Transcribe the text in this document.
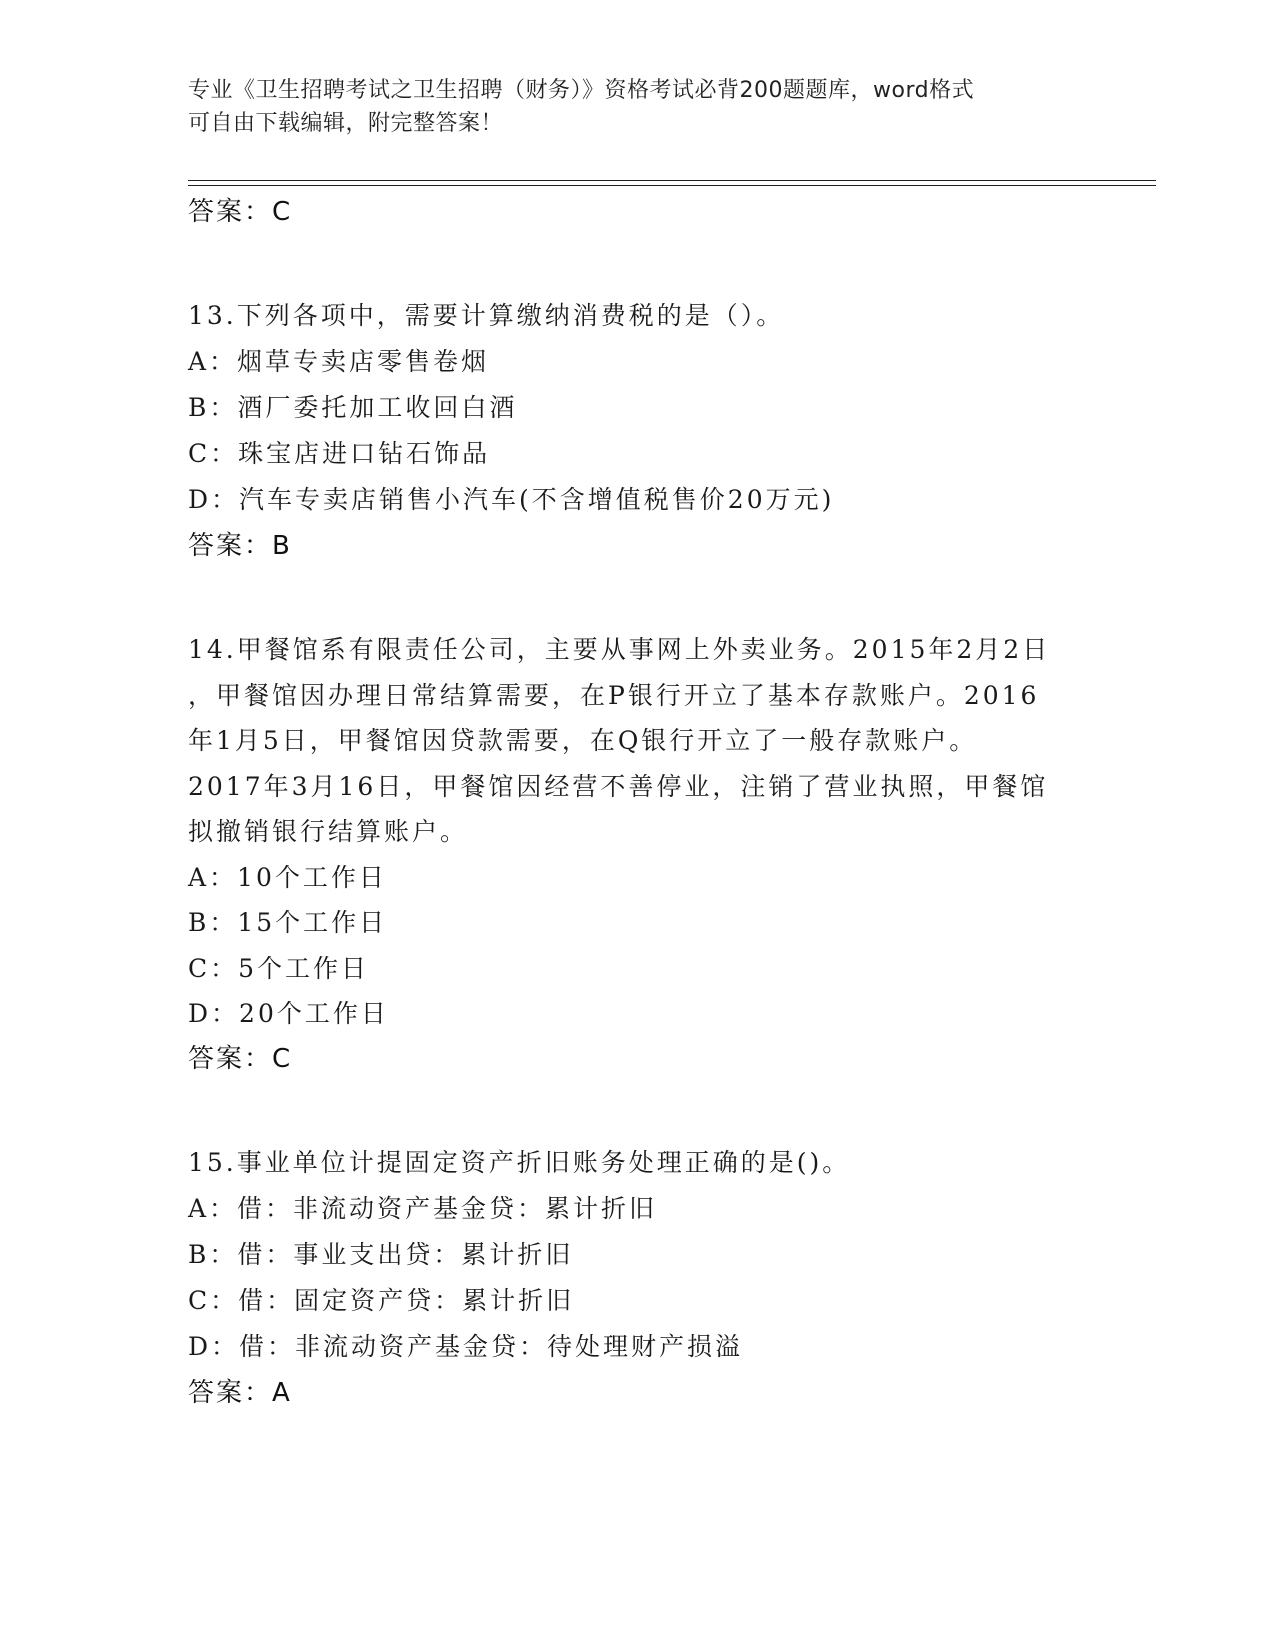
专业《卫生招聘考试之卫生招聘（财务）》资格考试必背200题题库，word格式
可自由下载编辑，附完整答案！
答案：C
13.下列各项中，需要计算缴纳消费税的是（）。
A：烟草专卖店零售卷烟
B：酒厂委托加工收回白酒
C：珠宝店进口钻石饰品
D：汽车专卖店销售小汽车(不含增值税售价20万元)
答案：B
14.甲餐馆系有限责任公司，主要从事网上外卖业务。2015年2月2日
，甲餐馆因办理日常结算需要，在P银行开立了基本存款账户。2016
年1月5日，甲餐馆因贷款需要，在Q银行开立了一般存款账户。
2017年3月16日，甲餐馆因经营不善停业，注销了营业执照，甲餐馆
拟撤销银行结算账户。
A：10个工作日
B：15个工作日
C：5个工作日
D：20个工作日
答案：C
15.事业单位计提固定资产折旧账务处理正确的是()。
A：借：非流动资产基金贷：累计折旧
B：借：事业支出贷：累计折旧
C：借：固定资产贷：累计折旧
D：借：非流动资产基金贷：待处理财产损溢
答案：A
